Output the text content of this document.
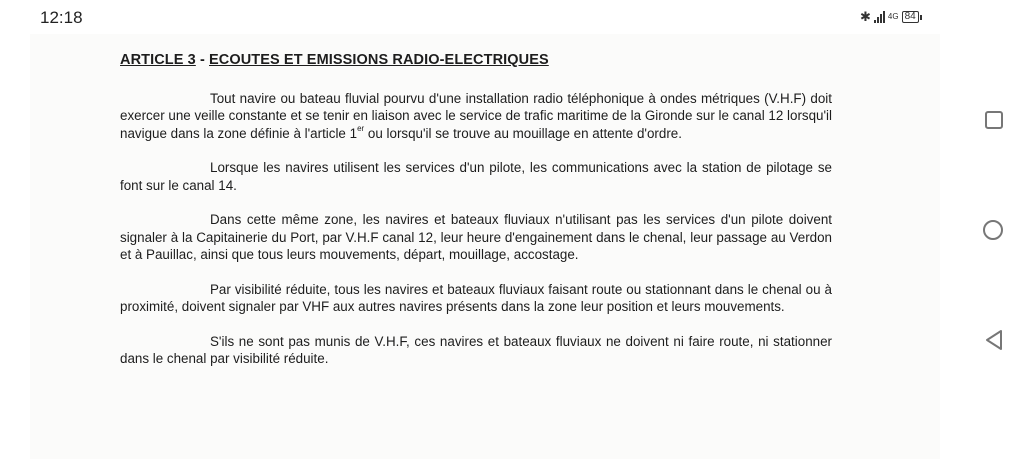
12:18	✱ 4G 84
ARTICLE 3 - ECOUTES ET EMISSIONS RADIO-ELECTRIQUES

Tout navire ou bateau fluvial pourvu d'une installation radio téléphonique à ondes métriques (V.H.F) doit exercer une veille constante et se tenir en liaison avec le service de trafic maritime de la Gironde sur le canal 12 lorsqu'il navigue dans la zone définie à l'article 1er ou lorsqu'il se trouve au mouillage en attente d'ordre.

Lorsque les navires utilisent les services d'un pilote, les communications avec la station de pilotage se font sur le canal 14.

Dans cette même zone, les navires et bateaux fluviaux n'utilisant pas les services d'un pilote doivent signaler à la Capitainerie du Port, par V.H.F canal 12, leur heure d'engainement dans le chenal, leur passage au Verdon et à Pauillac, ainsi que tous leurs mouvements, départ, mouillage, accostage.

Par visibilité réduite, tous les navires et bateaux fluviaux faisant route ou stationnant dans le chenal ou à proximité, doivent signaler par VHF aux autres navires présents dans la zone leur position et leurs mouvements.

S'ils ne sont pas munis de V.H.F, ces navires et bateaux fluviaux ne doivent ni faire route, ni stationner dans le chenal par visibilité réduite.
